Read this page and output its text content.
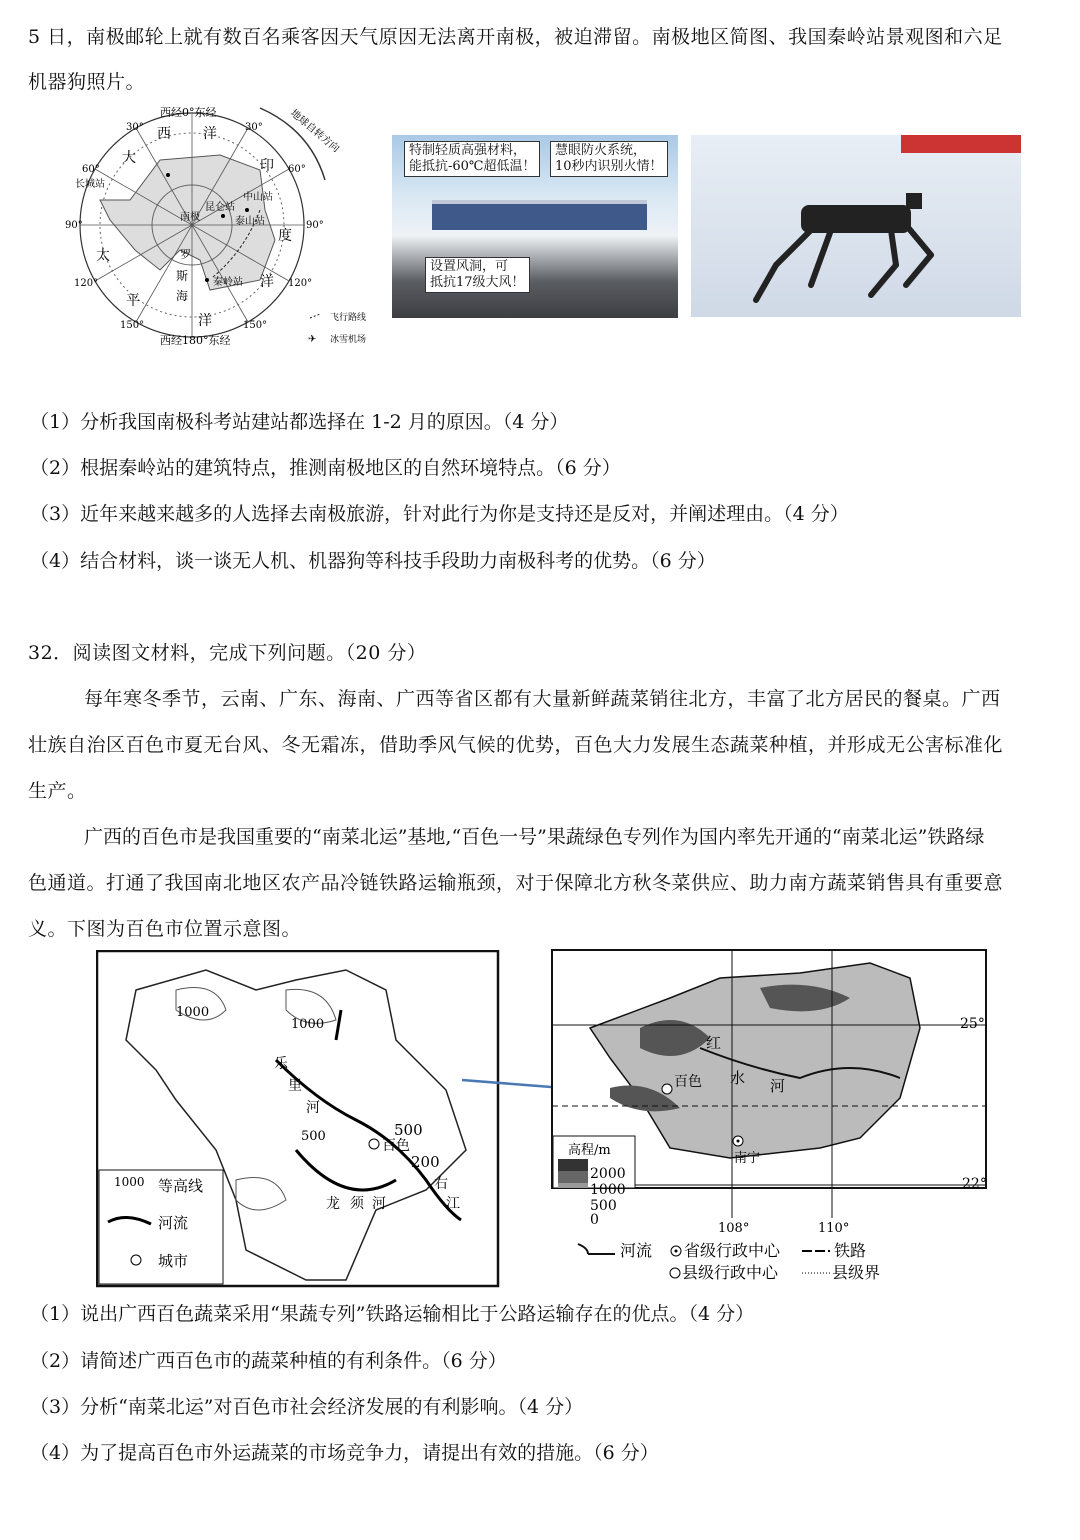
5 日，南极邮轮上就有数百名乘客因天气原因无法离开南极，被迫滞留。南极地区简图、我国秦岭站景观图和六足
机器狗照片。
西经0°东经
西经180°东经
30°	30°
60°	60°
90°	90°
120°	120°
150°	150°
西 洋
大	印
太
度
平
洋
洋
罗
斯
海
南极
长城站
昆仑站
中山站
泰山站
秦岭站
地球自转方向
飞行路线
冰雪机场
✈
特制轻质高强材料，
能抵抗-60℃超低温！
慧眼防火系统，
10秒内识别火情！
设置风洞，可
抵抗17级大风！
（1）分析我国南极科考站建站都选择在 1-2 月的原因。（4 分）
（2）根据秦岭站的建筑特点，推测南极地区的自然环境特点。（6 分）
（3）近年来越来越多的人选择去南极旅游，针对此行为你是支持还是反对，并阐述理由。（4 分）
（4）结合材料，谈一谈无人机、机器狗等科技手段助力南极科考的优势。（6 分）
32．阅读图文材料，完成下列问题。（20 分）
每年寒冬季节，云南、广东、海南、广西等省区都有大量新鲜蔬菜销往北方，丰富了北方居民的餐桌。广西
壮族自治区百色市夏无台风、冬无霜冻，借助季风气候的优势，百色大力发展生态蔬菜种植，并形成无公害标准化
生产。
广西的百色市是我国重要的“南菜北运”基地,“百色一号”果蔬绿色专列作为国内率先开通的“南菜北运”铁路绿
色通道。打通了我国南北地区农产品冷链铁路运输瓶颈，对于保障北方秋冬菜供应、助力南方蔬菜销售具有重要意
义。下图为百色市位置示意图。
1000
1000
500
500
200
乐
里
河
右
江
龙 须 河
百色
1000 等高线
河流
城市
25°
22°
108°	110°
红
水 河
百色
南宁
高程/m
2000
1000
500
0
河流 省级行政中心	铁路
县级行政中心	县级界
（1）说出广西百色蔬菜采用“果蔬专列”铁路运输相比于公路运输存在的优点。（4 分）
（2）请简述广西百色市的蔬菜种植的有利条件。（6 分）
（3）分析“南菜北运”对百色市社会经济发展的有利影响。（4 分）
（4）为了提高百色市外运蔬菜的市场竞争力，请提出有效的措施。（6 分）
